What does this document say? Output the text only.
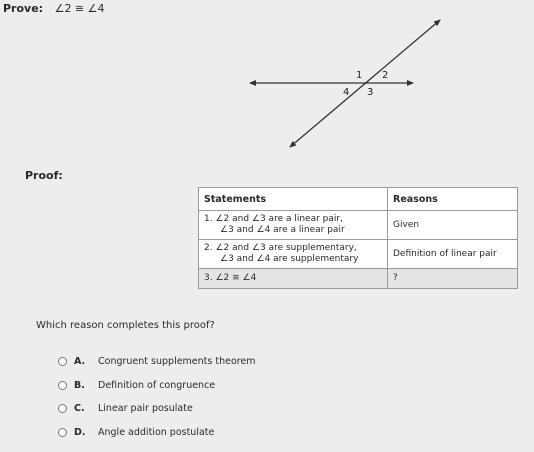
Prove: ∠2 ≅ ∠4
1 2
4 3
Proof:
Statements	Reasons
1. ∠2 and ∠3 are a linear pair,
∠3 and ∠4 are a linear pair	Given
2. ∠2 and ∠3 are supplementary,
∠3 and ∠4 are supplementary	Definition of linear pair
3. ∠2 ≅ ∠4	?
Which reason completes this proof?
A.	Congruent supplements theorem
B.	Definition of congruence
C.	Linear pair posulate
D.	Angle addition postulate
